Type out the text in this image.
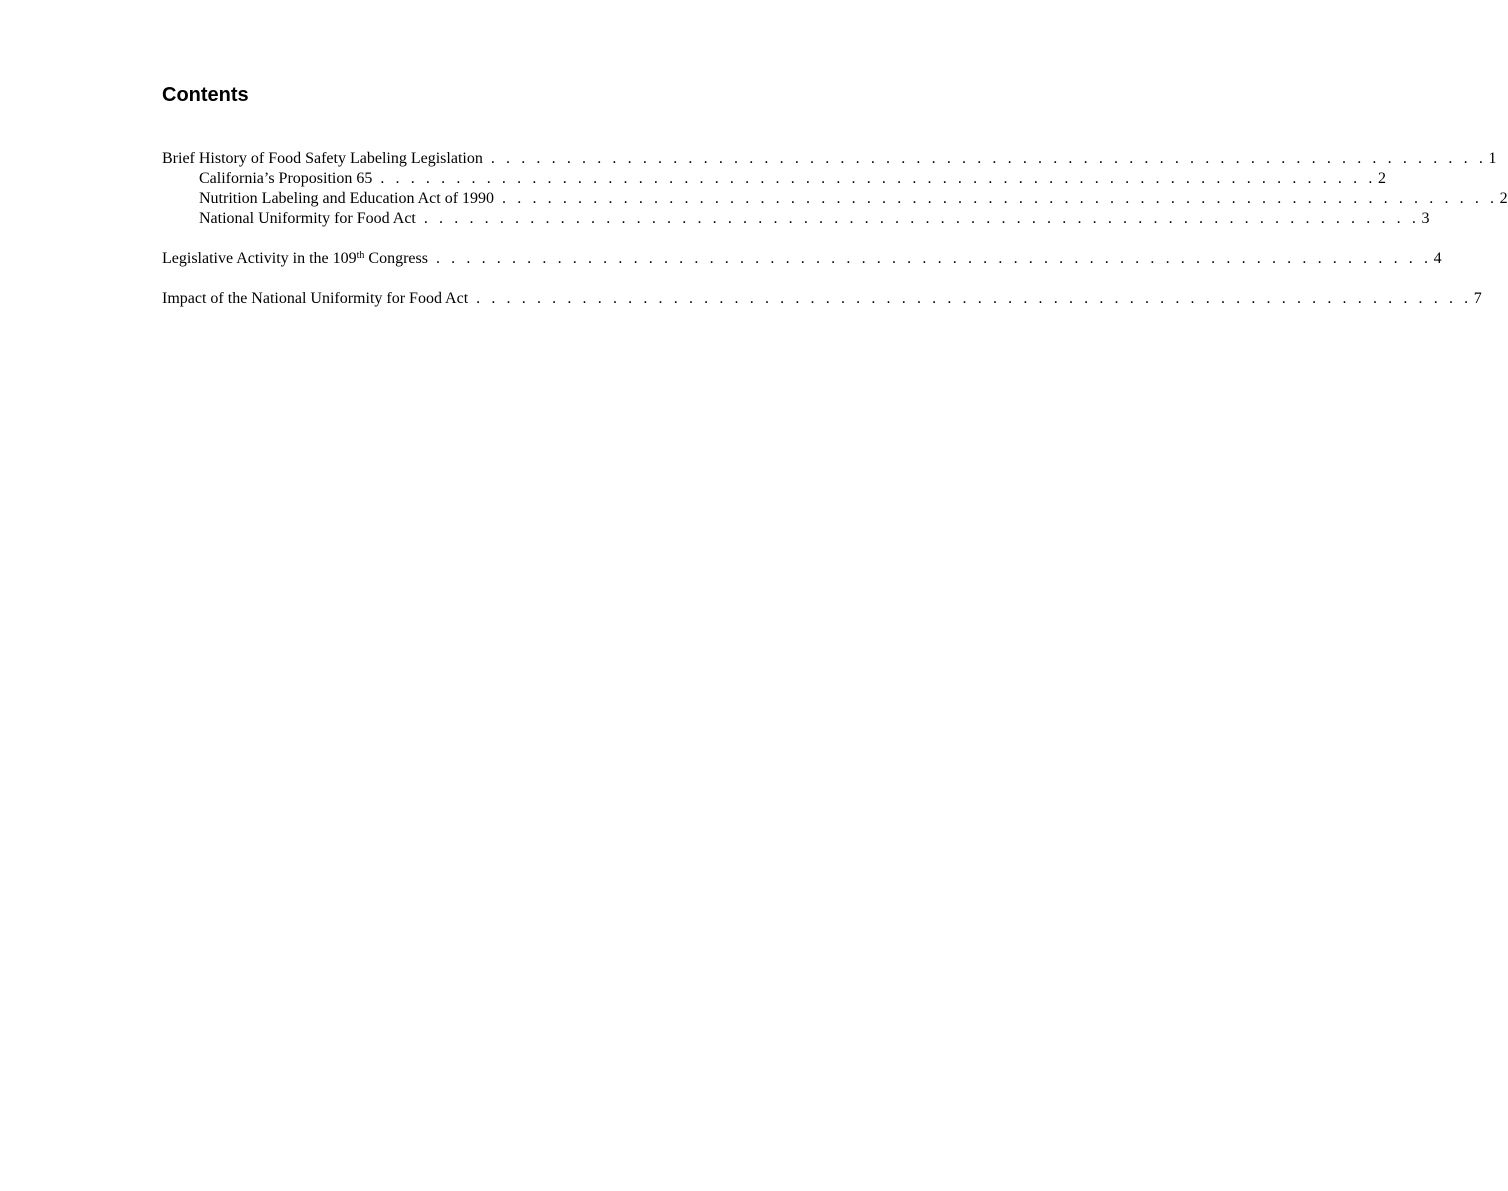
Contents
Brief History of Food Safety Labeling Legislation . . . . . . . . . . . . . . . . . . . . . . . . . . . . . . . . . . . . . . . . . . . . . . . . . . . . . . . . . . . . . . . . . . 1
California’s Proposition 65 . . . . . . . . . . . . . . . . . . . . . . . . . . . . . . . . . . . . . . . . . . . . . . . . . . . . . . . . . . . . . . . . . . 2
Nutrition Labeling and Education Act of 1990 . . . . . . . . . . . . . . . . . . . . . . . . . . . . . . . . . . . . . . . . . . . . . . . . . . . . . . . . . . . . . . . . . . 2
National Uniformity for Food Act . . . . . . . . . . . . . . . . . . . . . . . . . . . . . . . . . . . . . . . . . . . . . . . . . . . . . . . . . . . . . . . . . . 3
Legislative Activity in the 109th Congress . . . . . . . . . . . . . . . . . . . . . . . . . . . . . . . . . . . . . . . . . . . . . . . . . . . . . . . . . . . . . . . . . . 4
Impact of the National Uniformity for Food Act . . . . . . . . . . . . . . . . . . . . . . . . . . . . . . . . . . . . . . . . . . . . . . . . . . . . . . . . . . . . . . . . . . 7
